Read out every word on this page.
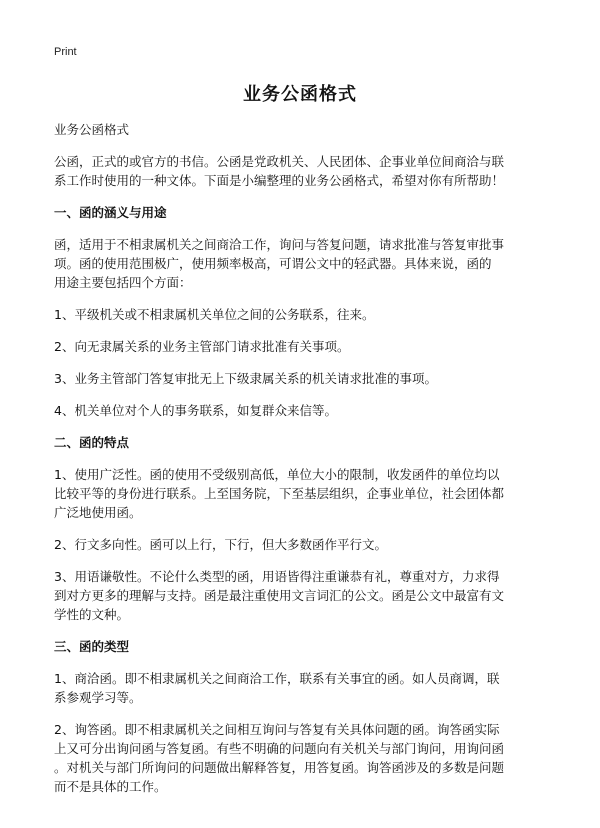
Print
业务公函格式
业务公函格式
公函，正式的或官方的书信。公函是党政机关、人民团体、企事业单位间商洽与联
系工作时使用的一种文体。下面是小编整理的业务公函格式，希望对你有所帮助！
一、函的涵义与用途
函，适用于不相隶属机关之间商洽工作，询问与答复问题，请求批准与答复审批事
项。函的使用范围极广，使用频率极高，可谓公文中的轻武器。具体来说，函的
用途主要包括四个方面：
1、平级机关或不相隶属机关单位之间的公务联系，往来。
2、向无隶属关系的业务主管部门请求批准有关事项。
3、业务主管部门答复审批无上下级隶属关系的机关请求批准的事项。
4、机关单位对个人的事务联系，如复群众来信等。
二、函的特点
1、使用广泛性。函的使用不受级别高低，单位大小的限制，收发函件的单位均以
比较平等的身份进行联系。上至国务院，下至基层组织，企事业单位，社会团体都
广泛地使用函。
2、行文多向性。函可以上行，下行，但大多数函作平行文。
3、用语谦敬性。不论什么类型的函，用语皆得注重谦恭有礼，尊重对方，力求得
到对方更多的理解与支持。函是最注重使用文言词汇的公文。函是公文中最富有文
学性的文种。
三、函的类型
1、商洽函。即不相隶属机关之间商洽工作，联系有关事宜的函。如人员商调，联
系参观学习等。
2、询答函。即不相隶属机关之间相互询问与答复有关具体问题的函。询答函实际
上又可分出询问函与答复函。有些不明确的问题向有关机关与部门询问，用询问函
。对机关与部门所询问的问题做出解释答复，用答复函。询答函涉及的多数是问题
而不是具体的工作。
